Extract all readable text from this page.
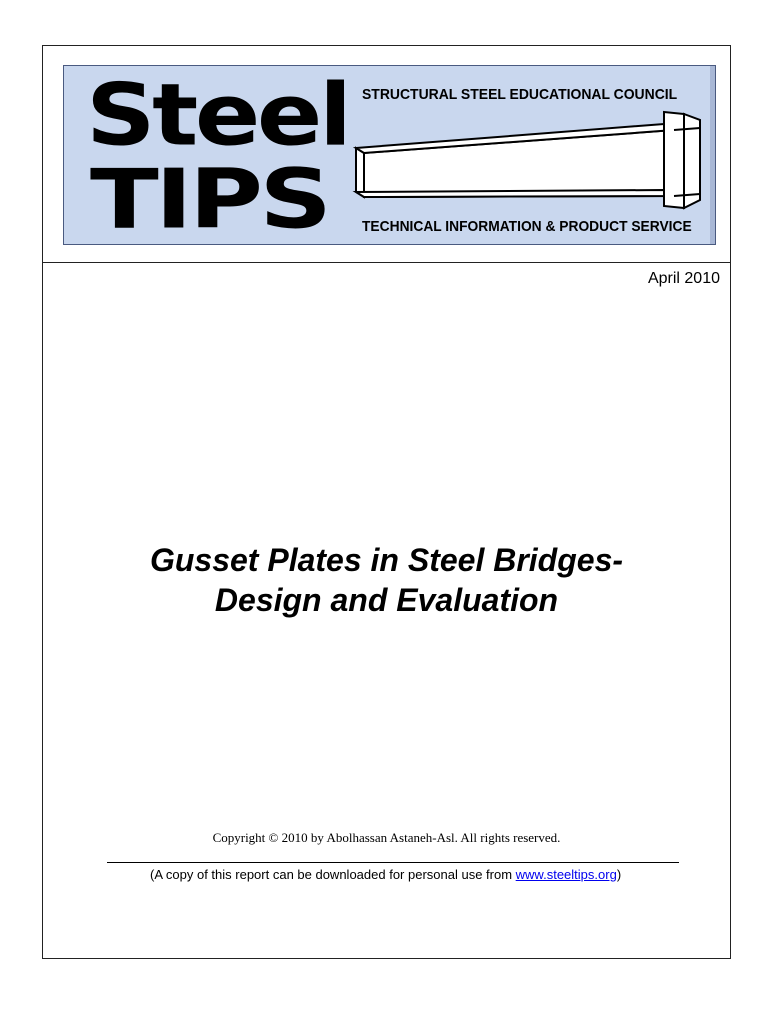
Steel
TIPS
STRUCTURAL STEEL EDUCATIONAL COUNCIL
TECHNICAL INFORMATION & PRODUCT SERVICE
April 2010
Gusset Plates in Steel Bridges-
Design and Evaluation
Copyright © 2010 by Abolhassan Astaneh-Asl. All rights reserved.
(A copy of this report can be downloaded for personal use from www.steeltips.org)
